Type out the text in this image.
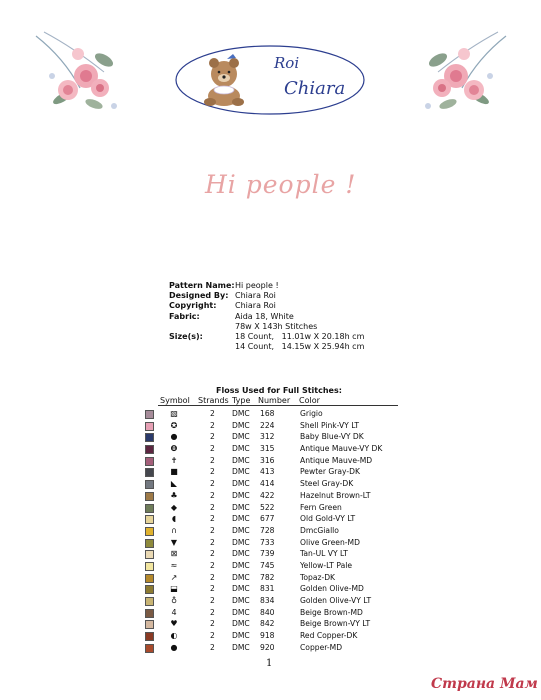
Roi
Chiara
Hi people !
Pattern Name: Hi people !
Designed By: Chiara Roi
Copyright:	Chiara Roi
Fabric:	Aida 18, White
78w X 143h Stitches
Size(s):	18 Count,   11.01w X 20.18h cm
14 Count,   14.15w X 25.94h cm
Floss Used for Full Stitches:
Symbol Strands Type Number Color
▧	2 DMC 168	Grigio
✪	2 DMC 224	Shell Pink-VY LT
●	2 DMC 312	Baby Blue-VY DK
❽	2 DMC 315	Antique Mauve-VY DK
✝	2 DMC 316	Antique Mauve-MD
■	2 DMC 413	Pewter Gray-DK
◣	2 DMC 414	Steel Gray-DK
♣	2 DMC 422	Hazelnut Brown-LT
◆	2 DMC 522	Fern Green
◖	2 DMC 677	Old Gold-VY LT
∩	2 DMC 728	DmcGiallo
▼	2 DMC 733	Olive Green-MD
⊠	2 DMC 739	Tan-UL VY LT
≈	2 DMC 745	Yellow-LT Pale
↗	2 DMC 782	Topaz-DK
⬓	2 DMC 831	Golden Olive-MD
♁	2 DMC 834	Golden Olive-VY LT
4	2 DMC 840	Beige Brown-MD
♥	2 DMC 842	Beige Brown-VY LT
◐	2 DMC 918	Red Copper-DK
●	2 DMC 920	Copper-MD
1
Страна Мам
